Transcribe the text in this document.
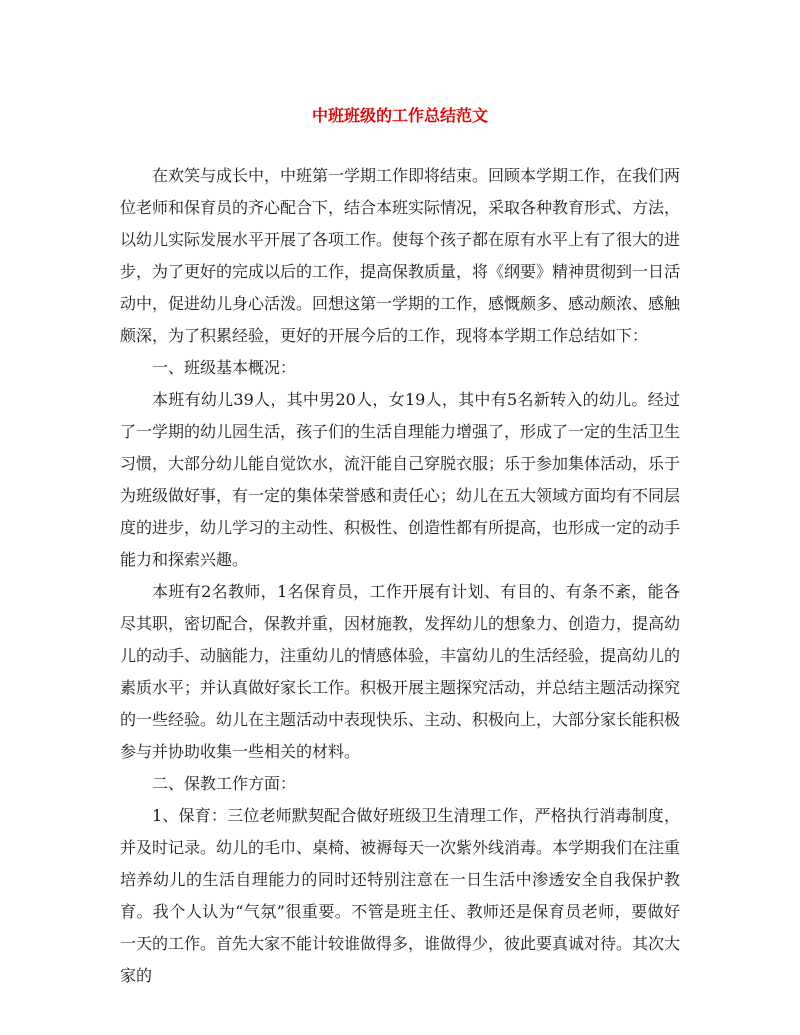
中班班级的工作总结范文

在欢笑与成长中，中班第一学期工作即将结束。回顾本学期工作，在我们两位老师和保育员的齐心配合下，结合本班实际情况，采取各种教育形式、方法，以幼儿实际发展水平开展了各项工作。使每个孩子都在原有水平上有了很大的进步，为了更好的完成以后的工作，提高保教质量，将《纲要》精神贯彻到一日活动中，促进幼儿身心活泼。回想这第一学期的工作，感慨颇多、感动颇浓、感触颇深，为了积累经验，更好的开展今后的工作，现将本学期工作总结如下：

一、班级基本概况：

本班有幼儿39人，其中男20人，女19人，其中有5名新转入的幼儿。经过了一学期的幼儿园生活，孩子们的生活自理能力增强了，形成了一定的生活卫生习惯，大部分幼儿能自觉饮水，流汗能自己穿脱衣服；乐于参加集体活动，乐于为班级做好事，有一定的集体荣誉感和责任心；幼儿在五大领域方面均有不同层度的进步，幼儿学习的主动性、积极性、创造性都有所提高，也形成一定的动手能力和探索兴趣。

本班有2名教师，1名保育员，工作开展有计划、有目的、有条不紊，能各尽其职，密切配合，保教并重，因材施教，发挥幼儿的想象力、创造力，提高幼儿的动手、动脑能力，注重幼儿的情感体验，丰富幼儿的生活经验，提高幼儿的素质水平；并认真做好家长工作。积极开展主题探究活动，并总结主题活动探究的一些经验。幼儿在主题活动中表现快乐、主动、积极向上，大部分家长能积极参与并协助收集一些相关的材料。

二、保教工作方面：

1、保育：三位老师默契配合做好班级卫生清理工作，严格执行消毒制度，并及时记录。幼儿的毛巾、桌椅、被褥每天一次紫外线消毒。本学期我们在注重培养幼儿的生活自理能力的同时还特别注意在一日生活中渗透安全自我保护教育。我个人认为“气氛”很重要。不管是班主任、教师还是保育员老师，要做好一天的工作。首先大家不能计较谁做得多，谁做得少，彼此要真诚对待。其次大家的
